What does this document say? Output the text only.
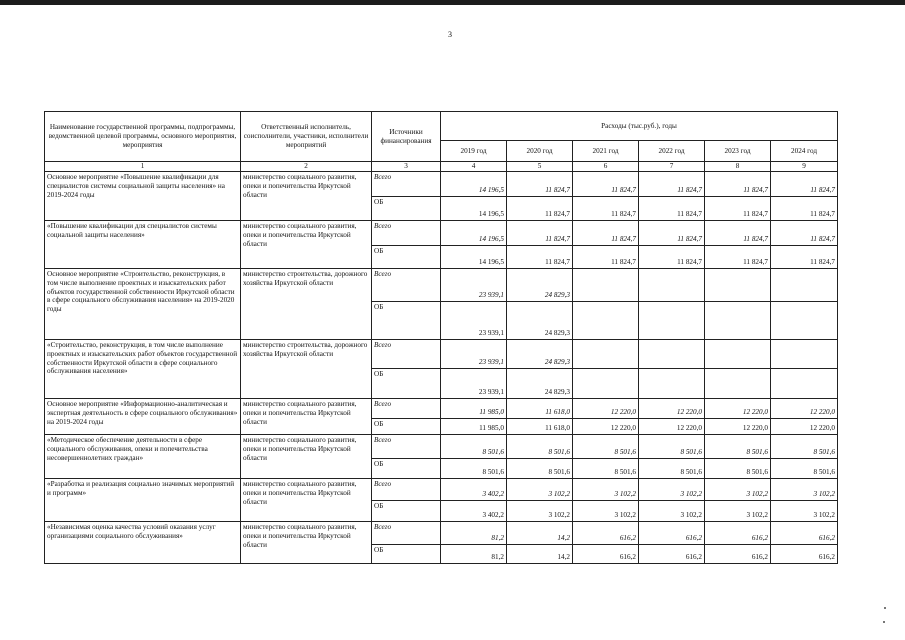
3
Наименование государственной программы, подпрограммы, ведомственной целевой программы, основного мероприятия, мероприятия	Ответственный исполнитель, соисполнители, участники, исполнители мероприятий	Источники финансирования	Расходы (тыс.руб.), годы					
			2019 год	2020 год	2021 год	2022 год	2023 год	2024 год
1	2	3	4	5	6	7	8	9
Основное мероприятие «Повышение квалификации для специалистов системы социальной защиты населения» на 2019-2024 годы	министерство социального развития, опеки и попечительства Иркутской области	Всего	14 196,5	11 824,7	11 824,7	11 824,7	11 824,7	11 824,7
		ОБ	14 196,5	11 824,7	11 824,7	11 824,7	11 824,7	11 824,7
«Повышение квалификации для специалистов системы социальной защиты населения»	министерство социального развития, опеки и попечительства Иркутской области	Всего	14 196,5	11 824,7	11 824,7	11 824,7	11 824,7	11 824,7
		ОБ	14 196,5	11 824,7	11 824,7	11 824,7	11 824,7	11 824,7
Основное мероприятие «Строительство, реконструкция, в том числе выполнение проектных и изыскательских работ объектов государственной собственности Иркутской области в сфере социального обслуживания населения» на 2019-2020 годы	министерство строительства, дорожного хозяйства Иркутской области	Всего	23 939,1	24 829,3				
		ОБ	23 939,1	24 829,3				
«Строительство, реконструкция, в том числе выполнение проектных и изыскательских работ объектов государственной собственности Иркутской области в сфере социального обслуживания населения»	министерство строительства, дорожного хозяйства Иркутской области	Всего	23 939,1	24 829,3				
		ОБ	23 939,1	24 829,3				
Основное мероприятие «Информационно-аналитическая и экспертная деятельность в сфере социального обслуживания» на 2019-2024 годы	министерство социального развития, опеки и попечительства Иркутской области	Всего	11 985,0	11 618,0	12 220,0	12 220,0	12 220,0	12 220,0
		ОБ	11 985,0	11 618,0	12 220,0	12 220,0	12 220,0	12 220,0
«Методическое обеспечение деятельности в сфере социального обслуживания, опеки и попечительства несовершеннолетних граждан»	министерство социального развития, опеки и попечительства Иркутской области	Всего	8 501,6	8 501,6	8 501,6	8 501,6	8 501,6	8 501,6
		ОБ	8 501,6	8 501,6	8 501,6	8 501,6	8 501,6	8 501,6
«Разработка и реализация социально значимых мероприятий и программ»	министерство социального развития, опеки и попечительства Иркутской области	Всего	3 402,2	3 102,2	3 102,2	3 102,2	3 102,2	3 102,2
		ОБ	3 402,2	3 102,2	3 102,2	3 102,2	3 102,2	3 102,2
«Независимая оценка качества условий оказания услуг организациями социального обслуживания»	министерство социального развития, опеки и попечительства Иркутской области	Всего	81,2	14,2	616,2	616,2	616,2	616,2
		ОБ	81,2	14,2	616,2	616,2	616,2	616,2
